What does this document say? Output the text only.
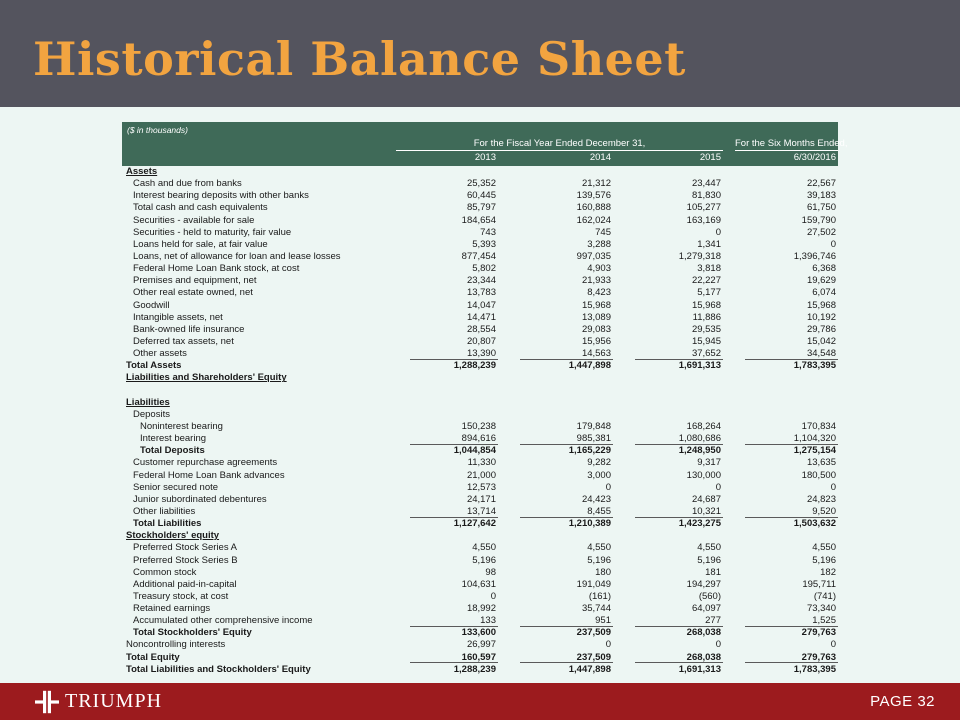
Historical Balance Sheet
($ in thousands)
For the Fiscal Year Ended December 31,	For the Six Months Ended,
2013	2014	2015	6/30/2016
Assets
Cash and due from banks	25,352	21,312	23,447	22,567
Interest bearing deposits with other banks	60,445	139,576	81,830	39,183
Total cash and cash equivalents	85,797	160,888	105,277	61,750
Securities - available for sale	184,654	162,024	163,169	159,790
Securities - held to maturity, fair value	743	745	0	27,502
Loans held for sale, at fair value	5,393	3,288	1,341	0
Loans, net of allowance for loan and lease losses	877,454	997,035	1,279,318	1,396,746
Federal Home Loan Bank stock, at cost	5,802	4,903	3,818	6,368
Premises and equipment, net	23,344	21,933	22,227	19,629
Other real estate owned, net	13,783	8,423	5,177	6,074
Goodwill	14,047	15,968	15,968	15,968
Intangible assets, net	14,471	13,089	11,886	10,192
Bank-owned life insurance	28,554	29,083	29,535	29,786
Deferred tax assets, net	20,807	15,956	15,945	15,042
Other assets	13,390	14,563	37,652	34,548
Total Assets	1,288,239	1,447,898	1,691,313	1,783,395
Liabilities and Shareholders' Equity
Liabilities
Deposits
Noninterest bearing	150,238	179,848	168,264	170,834
Interest bearing	894,616	985,381	1,080,686	1,104,320
Total Deposits	1,044,854	1,165,229	1,248,950	1,275,154
Customer repurchase agreements	11,330	9,282	9,317	13,635
Federal Home Loan Bank advances	21,000	3,000	130,000	180,500
Senior secured note	12,573	0	0	0
Junior subordinated debentures	24,171	24,423	24,687	24,823
Other liabilities	13,714	8,455	10,321	9,520
Total Liabilities	1,127,642	1,210,389	1,423,275	1,503,632
Stockholders' equity
Preferred Stock Series A	4,550	4,550	4,550	4,550
Preferred Stock Series B	5,196	5,196	5,196	5,196
Common stock	98	180	181	182
Additional paid-in-capital	104,631	191,049	194,297	195,711
Treasury stock, at cost	0	(161)	(560)	(741)
Retained earnings	18,992	35,744	64,097	73,340
Accumulated other comprehensive income	133	951	277	1,525
Total Stockholders' Equity	133,600	237,509	268,038	279,763
Noncontrolling interests	26,997	0	0	0
Total Equity	160,597	237,509	268,038	279,763
Total Liabilities and Stockholders' Equity	1,288,239	1,447,898	1,691,313	1,783,395
TRIUMPH	PAGE 32
